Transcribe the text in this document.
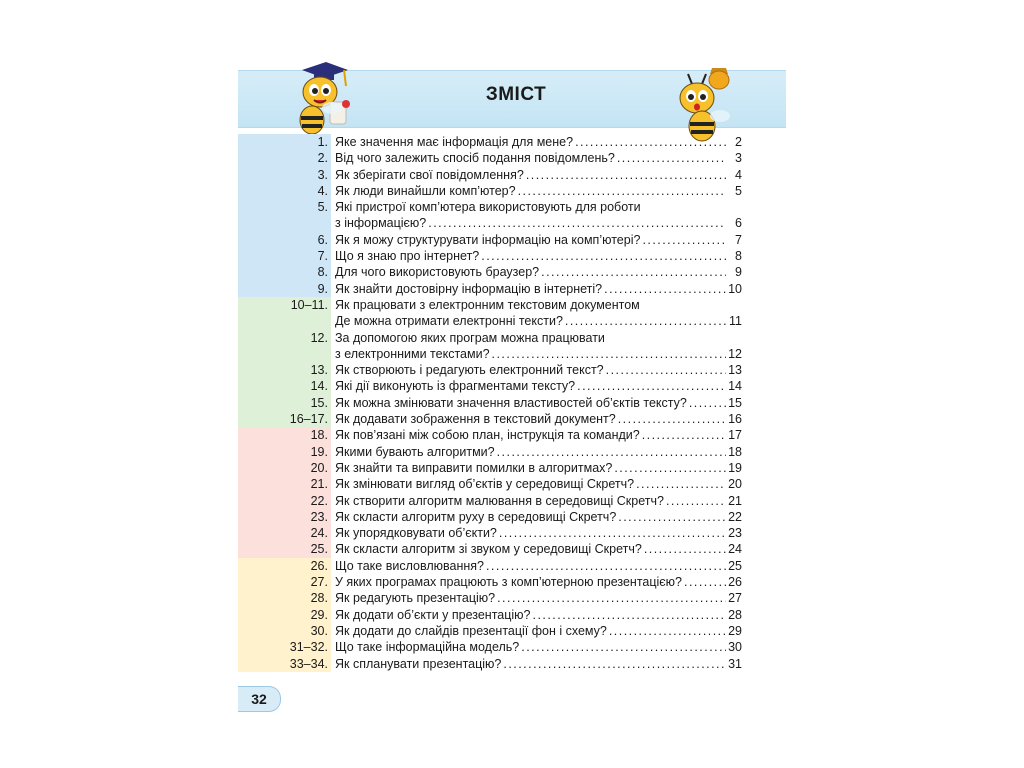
ЗМІСТ
1. Яке значення має інформація для мене? . . .	2
2. Від чого залежить спосіб подання повідомлень? . . .	3
3. Як зберігати свої повідомлення? . . .	4
4. Як люди винайшли комп’ютер? . . .	5
5. Які пристрої комп’ютера використовують для роботи
з інформацією? . . .	6
6. Як я можу структурувати інформацію на комп’ютері? . . .	7
7. Що я знаю про інтернет? . . .	8
8. Для чого використовують браузер? . . .	9
9. Як знайти достовірну інформацію в інтернеті? . . .	10
10–11. Як працювати з електронним текстовим документом
Де можна отримати електронні тексти? . . .	11
12. За допомогою яких програм можна працювати
з електронними текстами? . . .	12
13. Як створюють і редагують електронний текст? . . .	13
14. Які дії виконують із фрагментами тексту? . . .	14
15. Як можна змінювати значення властивостей об’єктів тексту? . . .	15
16–17. Як додавати зображення в текстовий документ? . . .	16
18. Як пов’язані між собою план, інструкція та команди? . . .	17
19. Якими бувають алгоритми? . . .	18
20. Як знайти та виправити помилки в алгоритмах? . . .	19
21. Як змінювати вигляд об’єктів у середовищі Скретч? . . .	20
22. Як створити алгоритм малювання в середовищі Скретч? . . .	21
23. Як скласти алгоритм руху в середовищі Скретч? . . .	22
24. Як упорядковувати об’єкти? . . .	23
25. Як скласти алгоритм зі звуком у середовищі Скретч? . . .	24
26. Що таке висловлювання? . . .	25
27. У яких програмах працюють з комп’ютерною презентацією? . . .	26
28. Як редагують презентацію? . . .	27
29. Як додати об’єкти у презентацію? . . .	28
30. Як додати до слайдів презентації фон і схему? . . .	29
31–32. Що таке інформаційна модель? . . .	30
33–34. Як спланувати презентацію? . . .	31
32
